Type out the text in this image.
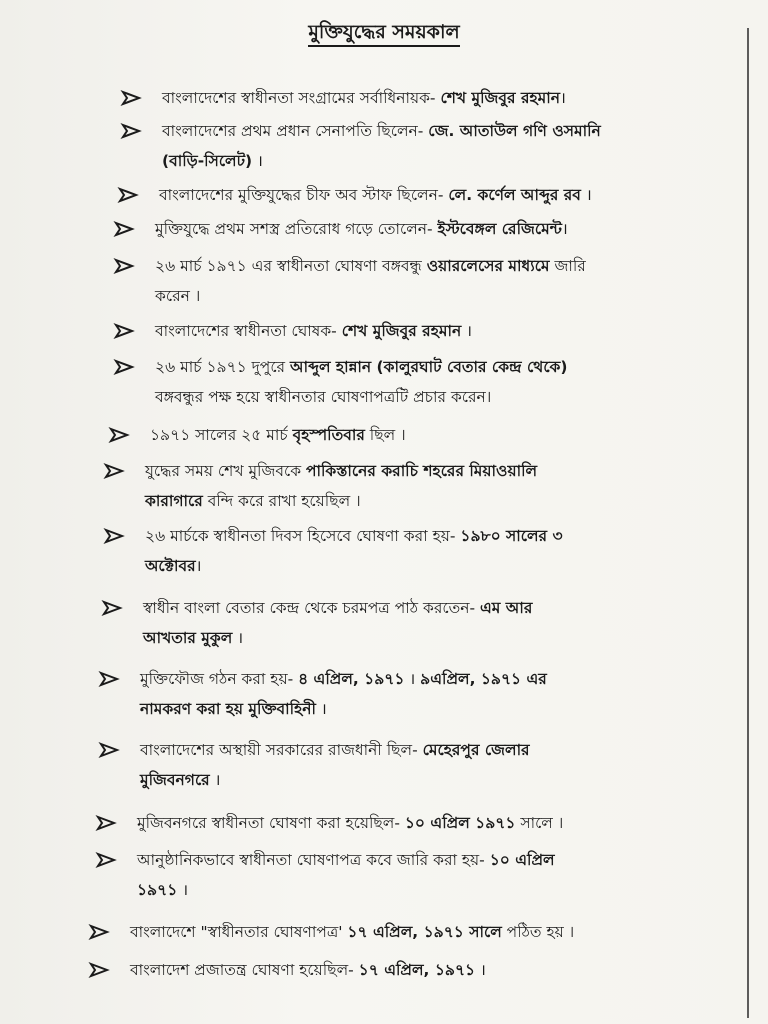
মুক্তিযুদ্ধের সময়কাল
বাংলাদেশের স্বাধীনতা সংগ্রামের সর্বাধিনায়ক- শেখ মুজিবুর রহমান।
বাংলাদেশের প্রথম প্রধান সেনাপতি ছিলেন- জে. আতাউল গণি ওসমানি
(বাড়ি-সিলেট) ।
বাংলাদেশের মুক্তিযুদ্ধের চীফ অব স্টাফ ছিলেন- লে. কর্ণেল আব্দুর রব ।
মুক্তিযুদ্ধে প্রথম সশস্ত্র প্রতিরোধ গড়ে তোলেন- ইস্টবেঙ্গল রেজিমেন্ট।
২৬ মার্চ ১৯৭১ এর স্বাধীনতা ঘোষণা বঙ্গবন্ধু ওয়ারলেসের মাধ্যমে জারি
করেন ।
বাংলাদেশের স্বাধীনতা ঘোষক- শেখ মুজিবুর রহমান ।
২৬ মার্চ ১৯৭১ দুপুরে আব্দুল হান্নান (কালুরঘাট বেতার কেন্দ্র থেকে)
বঙ্গবন্ধুর পক্ষ হয়ে স্বাধীনতার ঘোষণাপত্রটি প্রচার করেন।
১৯৭১ সালের ২৫ মার্চ বৃহস্পতিবার ছিল ।
যুদ্ধের সময় শেখ মুজিবকে পাকিস্তানের করাচি শহরের মিয়াওয়ালি
কারাগারে বন্দি করে রাখা হয়েছিল ।
২৬ মার্চকে স্বাধীনতা দিবস হিসেবে ঘোষণা করা হয়- ১৯৮০ সালের ৩
অক্টোবর।
স্বাধীন বাংলা বেতার কেন্দ্র থেকে চরমপত্র পাঠ করতেন- এম আর
আখতার মুকুল ।
মুক্তিফৌজ গঠন করা হয়- ৪ এপ্রিল, ১৯৭১ । ৯এপ্রিল, ১৯৭১ এর
নামকরণ করা হয় মুক্তিবাহিনী ।
বাংলাদেশের অস্থায়ী সরকারের রাজধানী ছিল- মেহেরপুর জেলার
মুজিবনগরে ।
মুজিবনগরে স্বাধীনতা ঘোষণা করা হয়েছিল- ১০ এপ্রিল ১৯৭১ সালে ।
আনুষ্ঠানিকভাবে স্বাধীনতা ঘোষণাপত্র কবে জারি করা হয়- ১০ এপ্রিল
১৯৭১ ।
বাংলাদেশে "স্বাধীনতার ঘোষণাপত্র' ১৭ এপ্রিল, ১৯৭১ সালে পঠিত হয় ।
বাংলাদেশ প্রজাতন্ত্র ঘোষণা হয়েছিল- ১৭ এপ্রিল, ১৯৭১ ।
